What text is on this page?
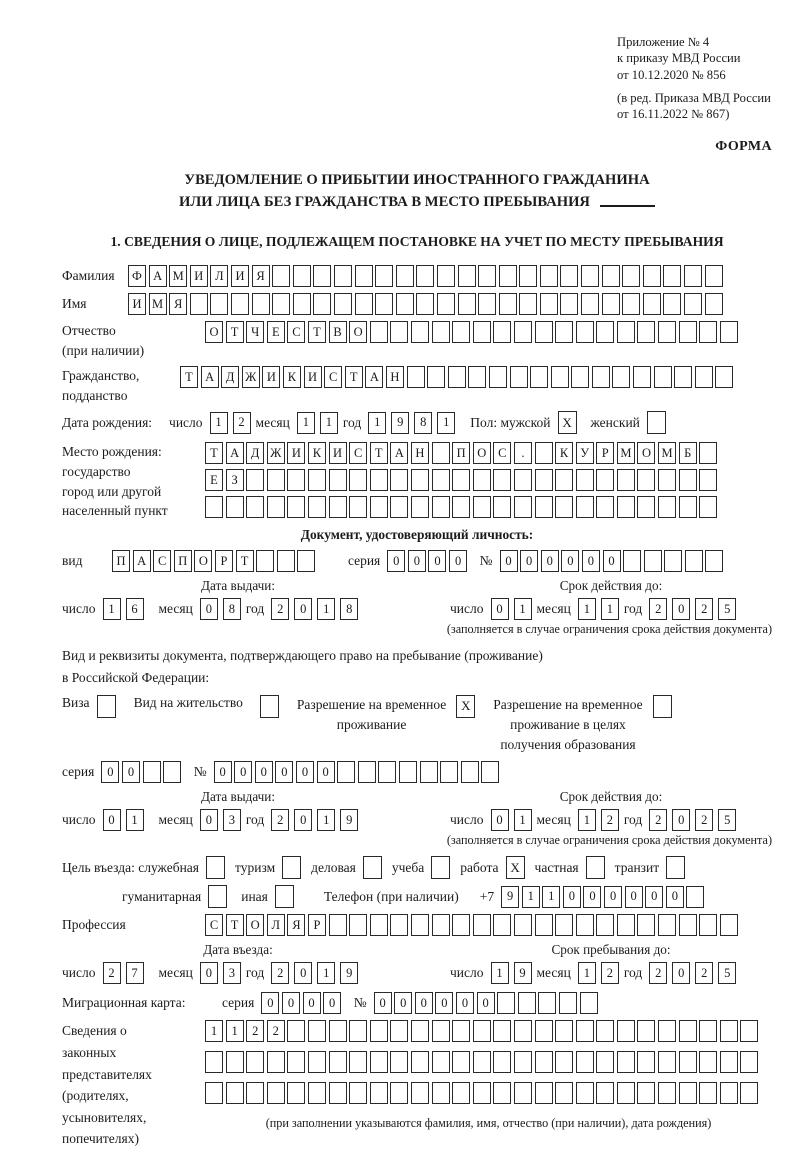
Приложение № 4
к приказу МВД России
от 10.12.2020 № 856
(в ред. Приказа МВД России
от 16.11.2022 № 867)
ФОРМА
УВЕДОМЛЕНИЕ О ПРИБЫТИИ ИНОСТРАННОГО ГРАЖДАНИНА
ИЛИ ЛИЦА БЕЗ ГРАЖДАНСТВА В МЕСТО ПРЕБЫВАНИЯ
1. СВЕДЕНИЯ О ЛИЦЕ, ПОДЛЕЖАЩЕМ ПОСТАНОВКЕ НА УЧЕТ ПО МЕСТУ ПРЕБЫВАНИЯ
Фамилия	Ф А М И Л И Я
Имя	И М Я
Отчество
(при наличии)
О Т	Ч	Е	С	Т	В О
Гражданство,
подданство
Т А Д Ж И К И С	Т А Н
Дата рождения: число	1	2 месяц	1	1 год	1	9	8	1	Пол: мужской X	женский
Место рождения:
государство
город или другой
населенный пункт
Т А Д Ж И К И С	Т А Н	П О С	.	К У	Р М О М Б
Е	З
Документ, удостоверяющий личность:
вид	П А С П О	Р	Т	серия	0	0	0	0	№	0	0	0	0	0	0
Дата выдачи:
число	1	6	месяц	0	8 год	2	0	1	8
Срок действия до:
число	0	1 месяц	1	1 год	2	0	2	5
(заполняется в случае ограничения срока действия документа)
Вид и реквизиты документа, подтверждающего право на пребывание (проживание)
в Российской Федерации:
Виза	Вид на жительство	Разрешение на временное
проживание
X	Разрешение на временное
проживание в целях
получения образования
серия	0	0	№	0	0	0	0	0	0
Дата выдачи:
число	0	1	месяц	0	3 год	2	0	1	9
Срок действия до:
число	0	1 месяц	1	2 год	2	0	2	5
(заполняется в случае ограничения срока действия документа)
Цель въезда: служебная	туризм	деловая	учеба	работа X	частная	транзит
гуманитарная	иная	Телефон (при наличии) +7	9	1	1	0	0	0	0	0	0
Профессия	С	Т О Л Я	Р
Дата въезда:
число	2	7	месяц	0	3 год	2	0	1	9
Срок пребывания до:
число	1	9 месяц	1	2 год	2	0	2	5
Миграционная карта:	серия	0	0	0	0	№	0	0	0	0	0	0
Сведения о
законных
представителях
(родителях,
усыновителях,
попечителях)
1	1	2	2
(при заполнении указываются фамилия, имя, отчество (при наличии), дата рождения)
